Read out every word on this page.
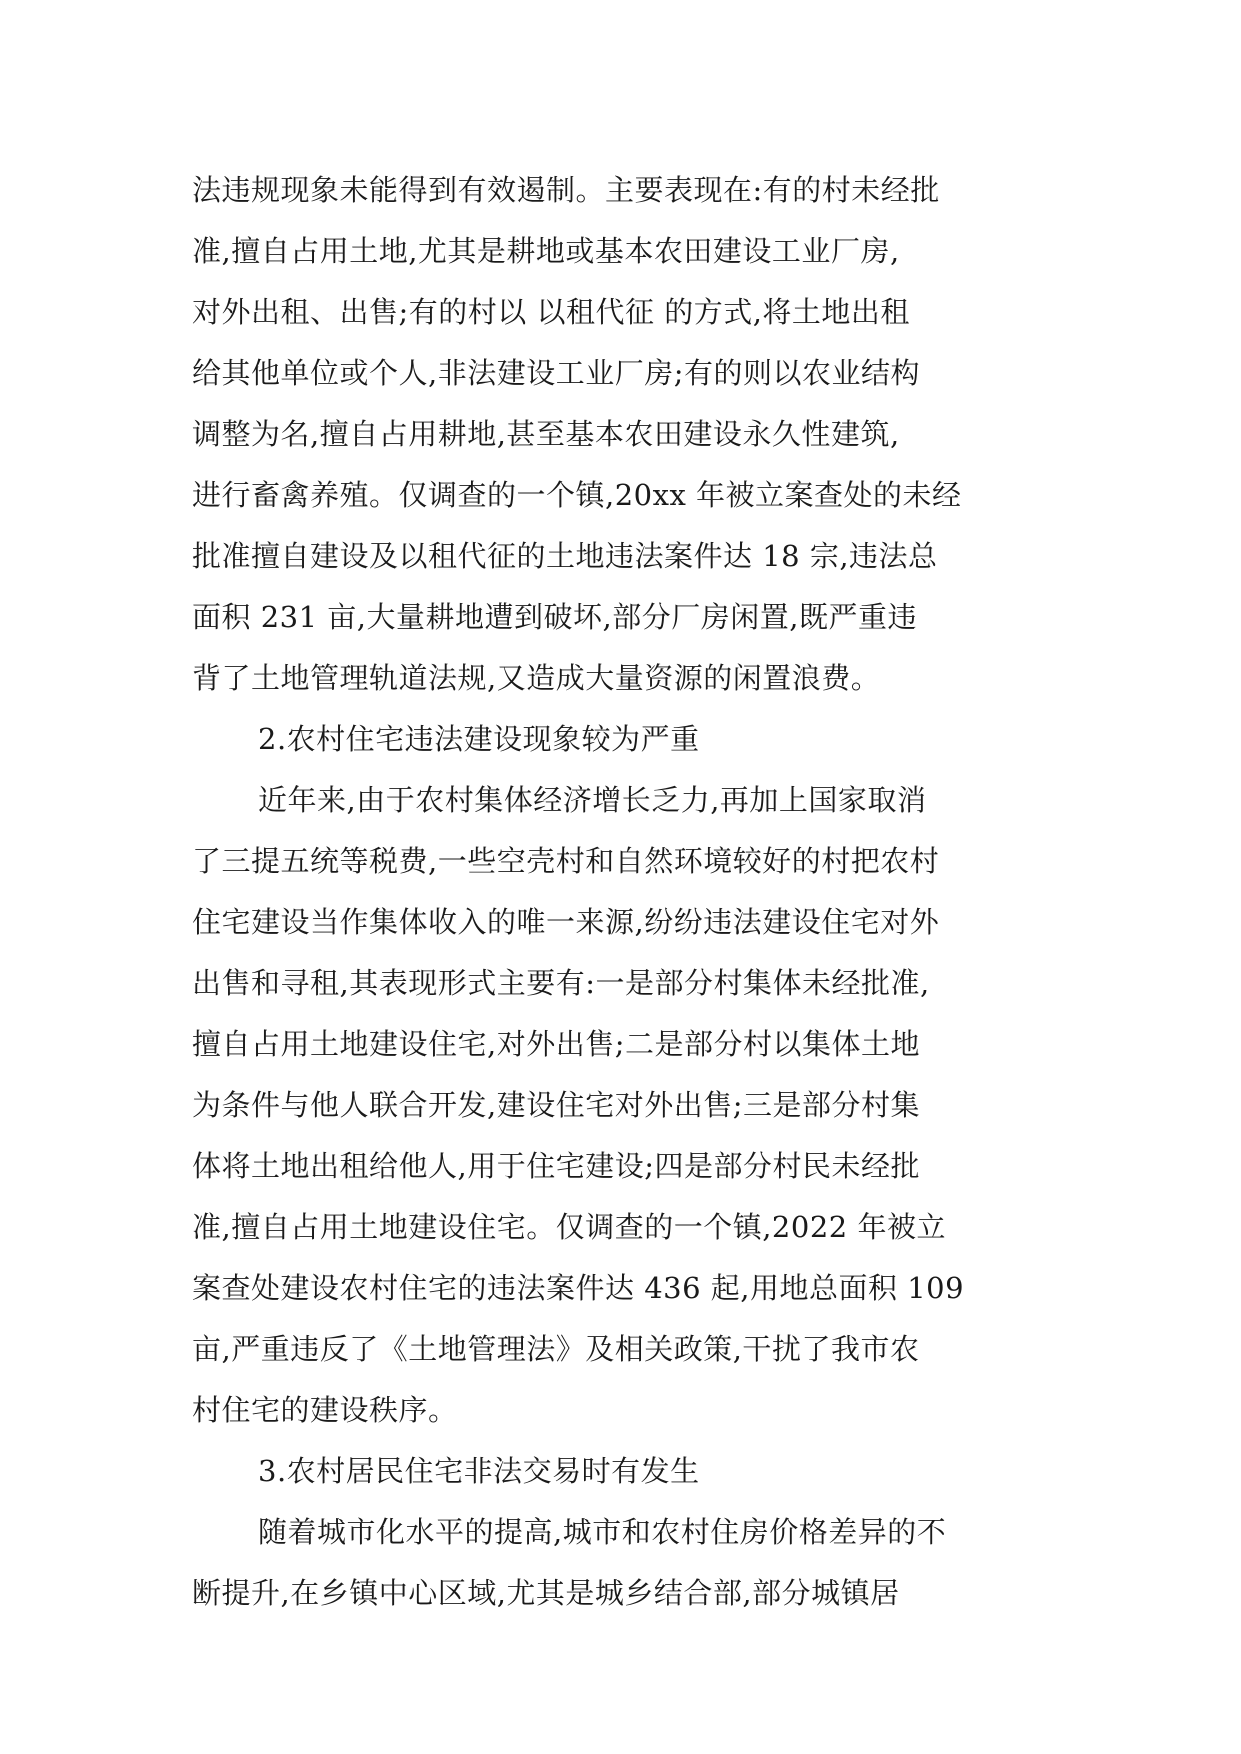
法违规现象未能得到有效遏制。主要表现在:有的村未经批
准,擅自占用土地,尤其是耕地或基本农田建设工业厂房,
对外出租、出售;有的村以 以租代征 的方式,将土地出租
给其他单位或个人,非法建设工业厂房;有的则以农业结构
调整为名,擅自占用耕地,甚至基本农田建设永久性建筑,
进行畜禽养殖。仅调查的一个镇,20xx 年被立案查处的未经
批准擅自建设及以租代征的土地违法案件达 18 宗,违法总
面积 231 亩,大量耕地遭到破坏,部分厂房闲置,既严重违
背了土地管理轨道法规,又造成大量资源的闲置浪费。
2.农村住宅违法建设现象较为严重
近年来,由于农村集体经济增长乏力,再加上国家取消
了三提五统等税费,一些空壳村和自然环境较好的村把农村
住宅建设当作集体收入的唯一来源,纷纷违法建设住宅对外
出售和寻租,其表现形式主要有:一是部分村集体未经批准,
擅自占用土地建设住宅,对外出售;二是部分村以集体土地
为条件与他人联合开发,建设住宅对外出售;三是部分村集
体将土地出租给他人,用于住宅建设;四是部分村民未经批
准,擅自占用土地建设住宅。仅调查的一个镇,2022 年被立
案查处建设农村住宅的违法案件达 436 起,用地总面积 109
亩,严重违反了《土地管理法》及相关政策,干扰了我市农
村住宅的建设秩序。
3.农村居民住宅非法交易时有发生
随着城市化水平的提高,城市和农村住房价格差异的不
断提升,在乡镇中心区域,尤其是城乡结合部,部分城镇居
